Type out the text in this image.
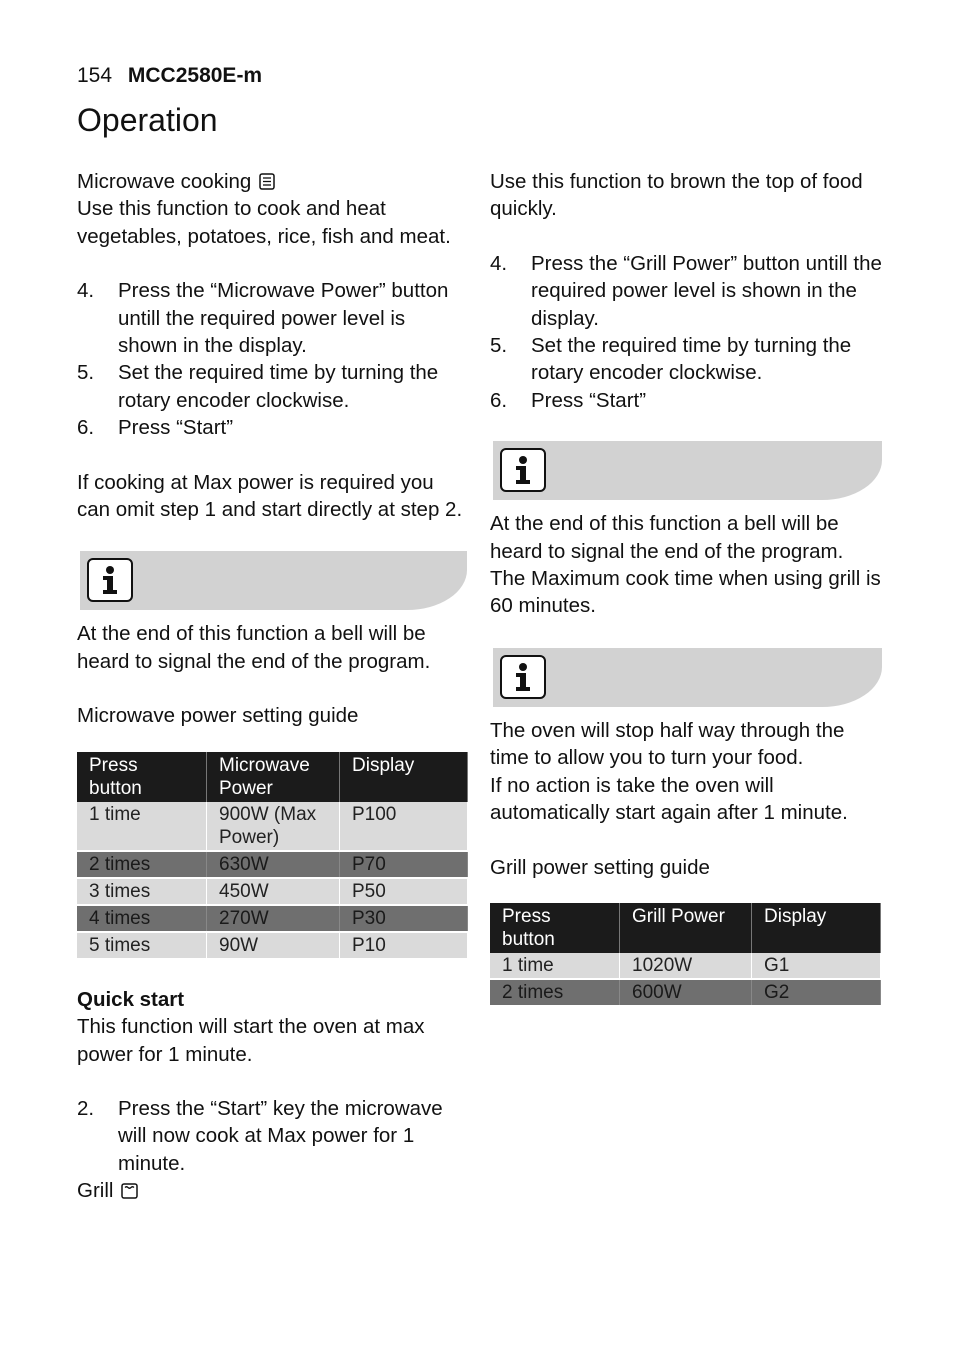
154 MCC2580E-m
Operation
Microwave cooking

Use this function to cook and heat vegetables, potatoes, rice, fish and meat.

4.	Press the “Microwave Power” button untill the required power level is shown in the display.
5.	Set the required time by turning the rotary encoder clockwise.
6.	Press “Start”

If cooking at Max power is required you can omit step 1 and start directly at step 2.

At the end of this function a bell will be heard to signal the end of the program.

Microwave power setting guide

Press button	Microwave Power	Display
1 time	900W (Max Power)	P100
2 times	630W	P70
3 times	450W	P50
4 times	270W	P30
5 times	90W	P10
Quick start

This function will start the oven at max power for 1 minute.

2.	Press the “Start” key the microwave will now cook at Max power for 1 minute.
Grill

Use this function to brown the top of food quickly.

4.	Press the “Grill Power” button untill the required power level is shown in the display.
5.	Set the required time by turning the rotary encoder clockwise.
6.	Press “Start”

At the end of this function a bell will be heard to signal the end of the program. The Maximum cook time when using grill is 60 minutes.

The oven will stop half way through the time to allow you to turn your food.

If no action is take the oven will automatically start again after 1 minute.

Grill power setting guide

Press button	Grill Power	Display
1 time	1020W	G1
2 times	600W	G2
